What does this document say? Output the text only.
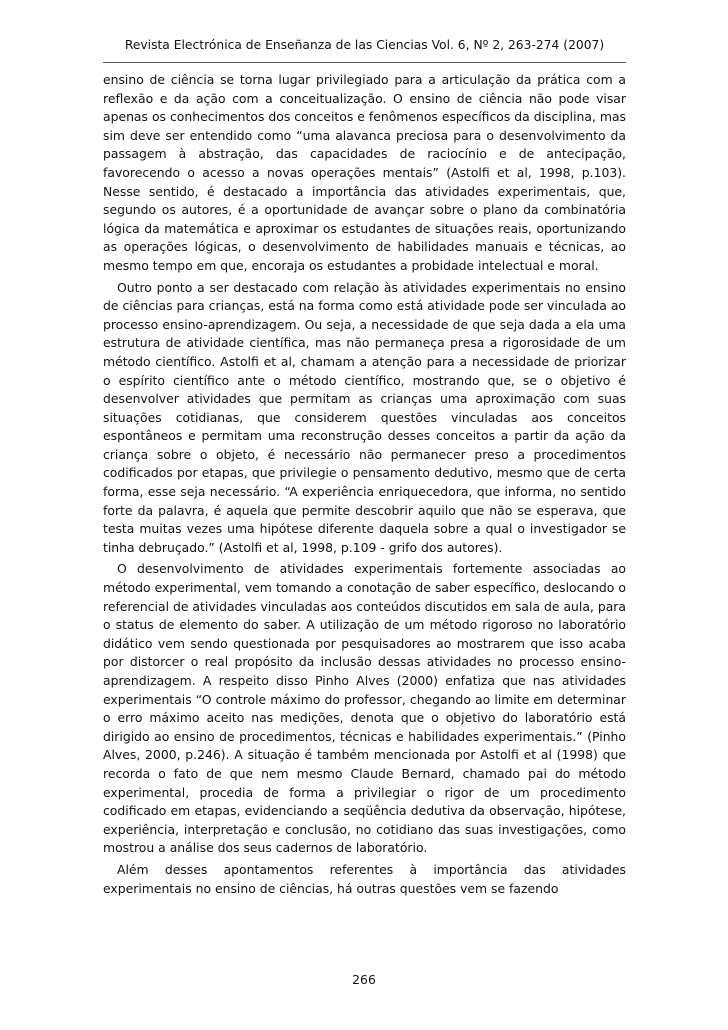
Revista Electrónica de Enseñanza de las Ciencias Vol. 6, Nº 2, 263-274 (2007)

ensino de ciência se torna lugar privilegiado para a articulação da prática com a reflexão e da ação com a conceitualização. O ensino de ciência não pode visar apenas os conhecimentos dos conceitos e fenômenos específicos da disciplina, mas sim deve ser entendido como “uma alavanca preciosa para o desenvolvimento da passagem à abstração, das capacidades de raciocínio e de antecipação, favorecendo o acesso a novas operações mentais” (Astolfi et al, 1998, p.103). Nesse sentido, é destacado a importância das atividades experimentais, que, segundo os autores, é a oportunidade de avançar sobre o plano da combinatória lógica da matemática e aproximar os estudantes de situações reais, oportunizando as operações lógicas, o desenvolvimento de habilidades manuais e técnicas, ao mesmo tempo em que, encoraja os estudantes a probidade intelectual e moral.

Outro ponto a ser destacado com relação às atividades experimentais no ensino de ciências para crianças, está na forma como está atividade pode ser vinculada ao processo ensino-aprendizagem. Ou seja, a necessidade de que seja dada a ela uma estrutura de atividade científica, mas não permaneça presa a rigorosidade de um método científico. Astolfi et al, chamam a atenção para a necessidade de priorizar o espírito científico ante o método científico, mostrando que, se o objetivo é desenvolver atividades que permitam as crianças uma aproximação com suas situações cotidianas, que considerem questões vinculadas aos conceitos espontâneos e permitam uma reconstrução desses conceitos a partir da ação da criança sobre o objeto, é necessário não permanecer preso a procedimentos codificados por etapas, que privilegie o pensamento dedutivo, mesmo que de certa forma, esse seja necessário. “A experiência enriquecedora, que informa, no sentido forte da palavra, é aquela que permite descobrir aquilo que não se esperava, que testa muitas vezes uma hipótese diferente daquela sobre a qual o investigador se tinha debruçado.” (Astolfi et al, 1998, p.109 - grifo dos autores).

O desenvolvimento de atividades experimentais fortemente associadas ao método experimental, vem tomando a conotação de saber específico, deslocando o referencial de atividades vinculadas aos conteúdos discutidos em sala de aula, para o status de elemento do saber. A utilização de um método rigoroso no laboratório didático vem sendo questionada por pesquisadores ao mostrarem que isso acaba por distorcer o real propósito da inclusão dessas atividades no processo ensino-aprendizagem. A respeito disso Pinho Alves (2000) enfatiza que nas atividades experimentais “O controle máximo do professor, chegando ao limite em determinar o erro máximo aceito nas medições, denota que o objetivo do laboratório está dirigido ao ensino de procedimentos, técnicas e habilidades experimentais.” (Pinho Alves, 2000, p.246). A situação é também mencionada por Astolfi et al (1998) que recorda o fato de que nem mesmo Claude Bernard, chamado pai do método experimental, procedia de forma a privilegiar o rigor de um procedimento codificado em etapas, evidenciando a seqüência dedutiva da observação, hipótese, experiência, interpretação e conclusão, no cotidiano das suas investigações, como mostrou a análise dos seus cadernos de laboratório.

Além desses apontamentos referentes à importância das atividades experimentais no ensino de ciências, há outras questões vem se fazendo

266
